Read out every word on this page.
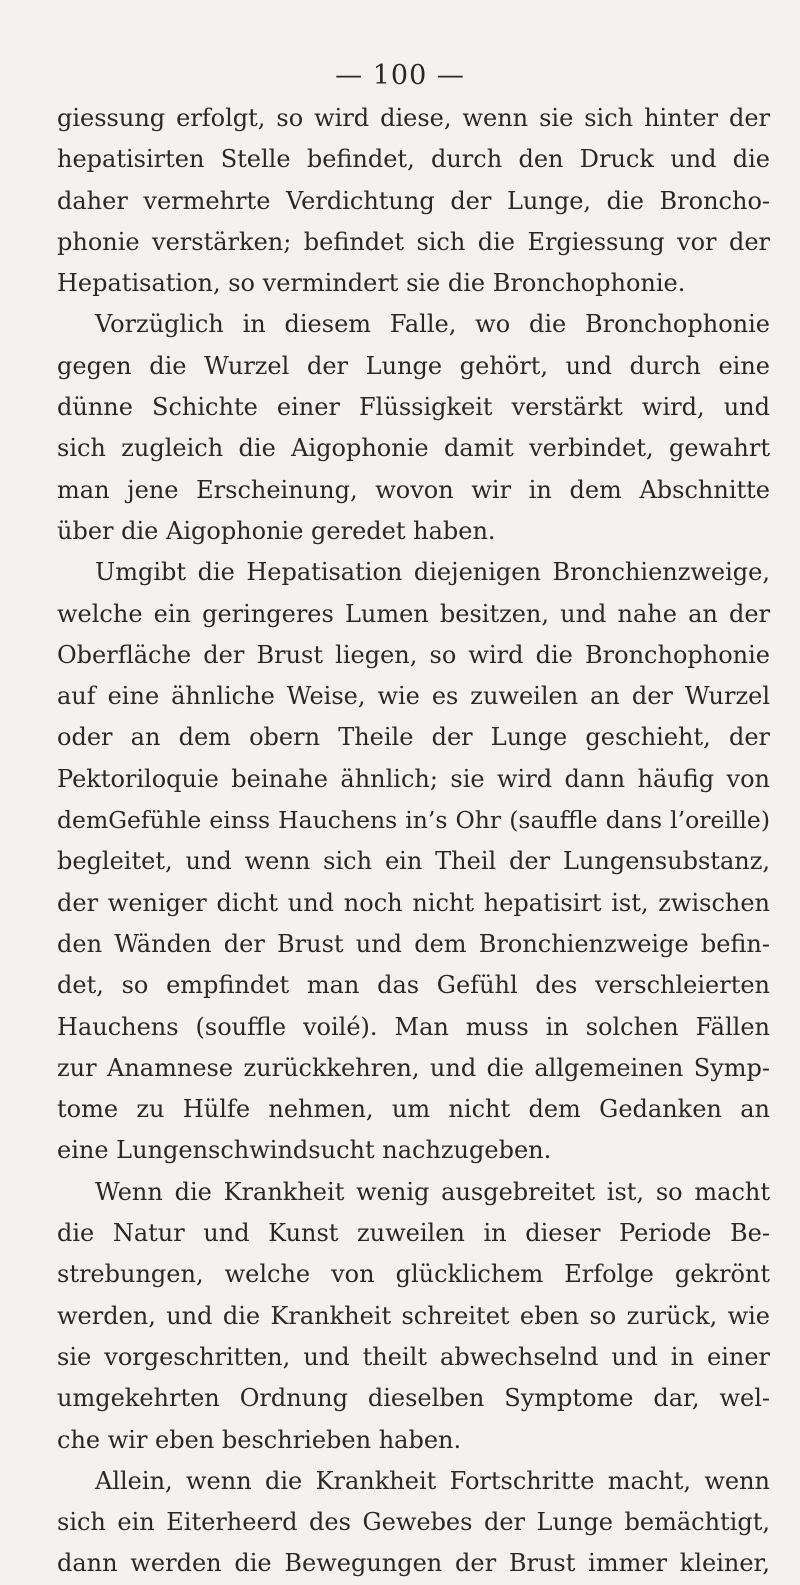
— 100 —
giessung erfolgt, so wird diese, wenn sie sich hinter der
hepatisirten Stelle befindet, durch den Druck und die
daher vermehrte Verdichtung der Lunge, die Broncho-
phonie verstärken; befindet sich die Ergiessung vor der
Hepatisation, so vermindert sie die Bronchophonie.
Vorzüglich in diesem Falle, wo die Bronchophonie
gegen die Wurzel der Lunge gehört, und durch eine
dünne Schichte einer Flüssigkeit verstärkt wird, und
sich zugleich die Aigophonie damit verbindet, gewahrt
man jene Erscheinung, wovon wir in dem Abschnitte
über die Aigophonie geredet haben.
Umgibt die Hepatisation diejenigen Bronchienzweige,
welche ein geringeres Lumen besitzen, und nahe an der
Oberfläche der Brust liegen, so wird die Bronchophonie
auf eine ähnliche Weise, wie es zuweilen an der Wurzel
oder an dem obern Theile der Lunge geschieht, der
Pektoriloquie beinahe ähnlich; sie wird dann häufig von
demGefühle einss Hauchens in’s Ohr (sauffle dans l’oreille)
begleitet, und wenn sich ein Theil der Lungensubstanz,
der weniger dicht und noch nicht hepatisirt ist, zwischen
den Wänden der Brust und dem Bronchienzweige befin-
det, so empfindet man das Gefühl des verschleierten
Hauchens (souffle voilé). Man muss in solchen Fällen
zur Anamnese zurückkehren, und die allgemeinen Symp-
tome zu Hülfe nehmen, um nicht dem Gedanken an
eine Lungenschwindsucht nachzugeben.
Wenn die Krankheit wenig ausgebreitet ist, so macht
die Natur und Kunst zuweilen in dieser Periode Be-
strebungen, welche von glücklichem Erfolge gekrönt
werden, und die Krankheit schreitet eben so zurück, wie
sie vorgeschritten, und theilt abwechselnd und in einer
umgekehrten Ordnung dieselben Symptome dar, wel-
che wir eben beschrieben haben.
Allein, wenn die Krankheit Fortschritte macht, wenn
sich ein Eiterheerd des Gewebes der Lunge bemächtigt,
dann werden die Bewegungen der Brust immer kleiner,
